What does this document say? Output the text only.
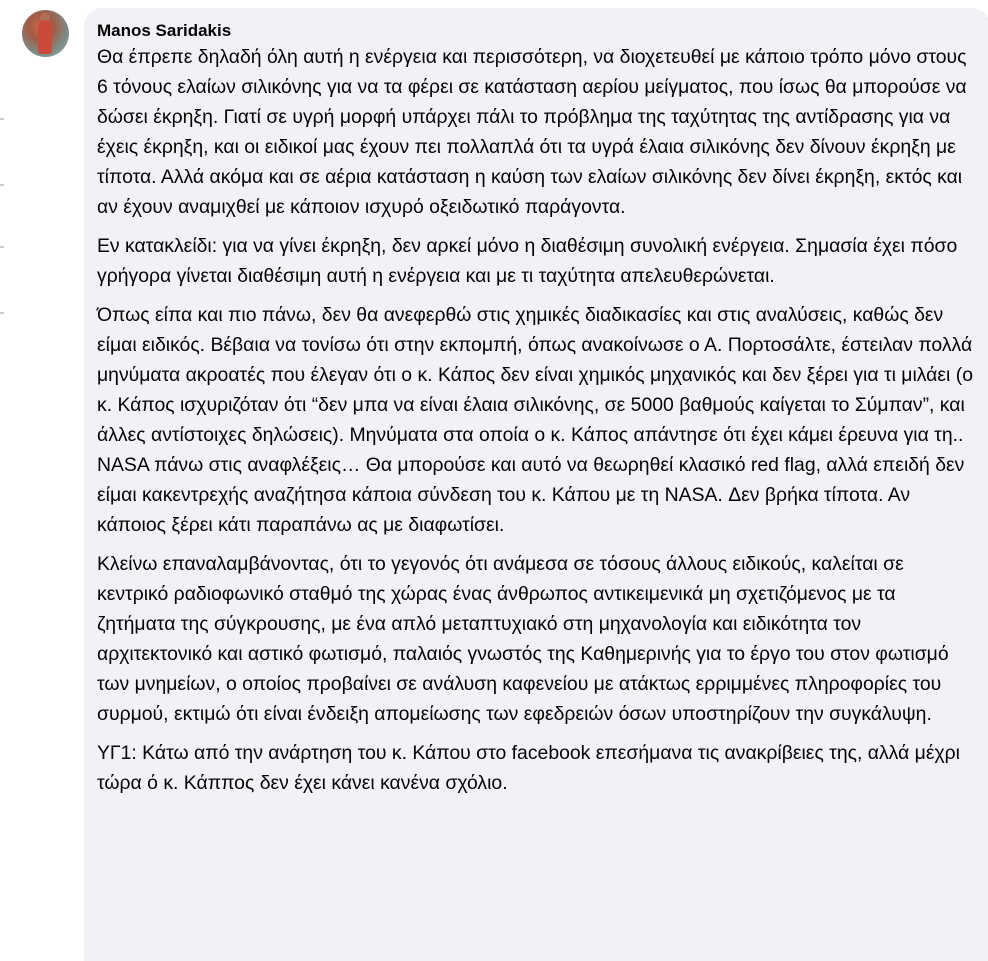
Manos Saridakis

Θα έπρεπε δηλαδή όλη αυτή η ενέργεια και περισσότερη, να διοχετευθεί με κάποιο τρόπο μόνο στους 6 τόνους ελαίων σιλικόνης για να τα φέρει σε κατάσταση αερίου μείγματος, που ίσως θα μπορούσε να δώσει έκρηξη. Γιατί σε υγρή μορφή υπάρχει πάλι το πρόβλημα της ταχύτητας της αντίδρασης για να έχεις έκρηξη, και οι ειδικοί μας έχουν πει πολλαπλά ότι τα υγρά έλαια σιλικόνης δεν δίνουν έκρηξη με τίποτα. Αλλά ακόμα και σε αέρια κατάσταση η καύση των ελαίων σιλικόνης δεν δίνει έκρηξη, εκτός και αν έχουν αναμιχθεί με κάποιον ισχυρό οξειδωτικό παράγοντα.

Εν κατακλείδι: για να γίνει έκρηξη, δεν αρκεί μόνο η διαθέσιμη συνολική ενέργεια. Σημασία έχει πόσο γρήγορα γίνεται διαθέσιμη αυτή η ενέργεια και με τι ταχύτητα απελευθερώνεται.

Όπως είπα και πιο πάνω, δεν θα ανεφερθώ στις χημικές διαδικασίες και στις αναλύσεις, καθώς δεν είμαι ειδικός. Βέβαια να τονίσω ότι στην εκπομπή, όπως ανακοίνωσε ο Α. Πορτοσάλτε, έστειλαν πολλά μηνύματα ακροατές που έλεγαν ότι ο κ. Κάπος δεν είναι χημικός μηχανικός και δεν ξέρει για τι μιλάει (ο κ. Κάπος ισχυριζόταν ότι “δεν μπα να είναι έλαια σιλικόνης, σε 5000 βαθμούς καίγεται το Σύμπαν”, και άλλες αντίστοιχες δηλώσεις). Μηνύματα στα οποία ο κ. Κάπος απάντησε ότι έχει κάμει έρευνα για τη.. NASA πάνω στις αναφλέξεις… Θα μπορούσε και αυτό να θεωρηθεί κλασικό red flag, αλλά επειδή δεν είμαι κακεντρεχής αναζήτησα κάποια σύνδεση του κ. Κάπου με τη NASA. Δεν βρήκα τίποτα. Αν κάποιος ξέρει κάτι παραπάνω ας με διαφωτίσει.

Κλείνω επαναλαμβάνοντας, ότι το γεγονός ότι ανάμεσα σε τόσους άλλους ειδικούς, καλείται σε κεντρικό ραδιοφωνικό σταθμό της χώρας ένας άνθρωπος αντικειμενικά μη σχετιζόμενος με τα ζητήματα της σύγκρουσης, με ένα απλό μεταπτυχιακό στη μηχανολογία και ειδικότητα τον αρχιτεκτονικό και αστικό φωτισμό, παλαιός γνωστός της Καθημερινής για το έργο του στον φωτισμό των μνημείων, ο οποίος προβαίνει σε ανάλυση καφενείου με ατάκτως ερριμμένες πληροφορίες του συρμού, εκτιμώ ότι είναι ένδειξη απομείωσης των εφεδρειών όσων υποστηρίζουν την συγκάλυψη.

ΥΓ1: Κάτω από την ανάρτηση του κ. Κάπου στο facebook επεσήμανα τις ανακρίβειες της, αλλά μέχρι τώρα ό κ. Κάππος δεν έχει κάνει κανένα σχόλιο.
